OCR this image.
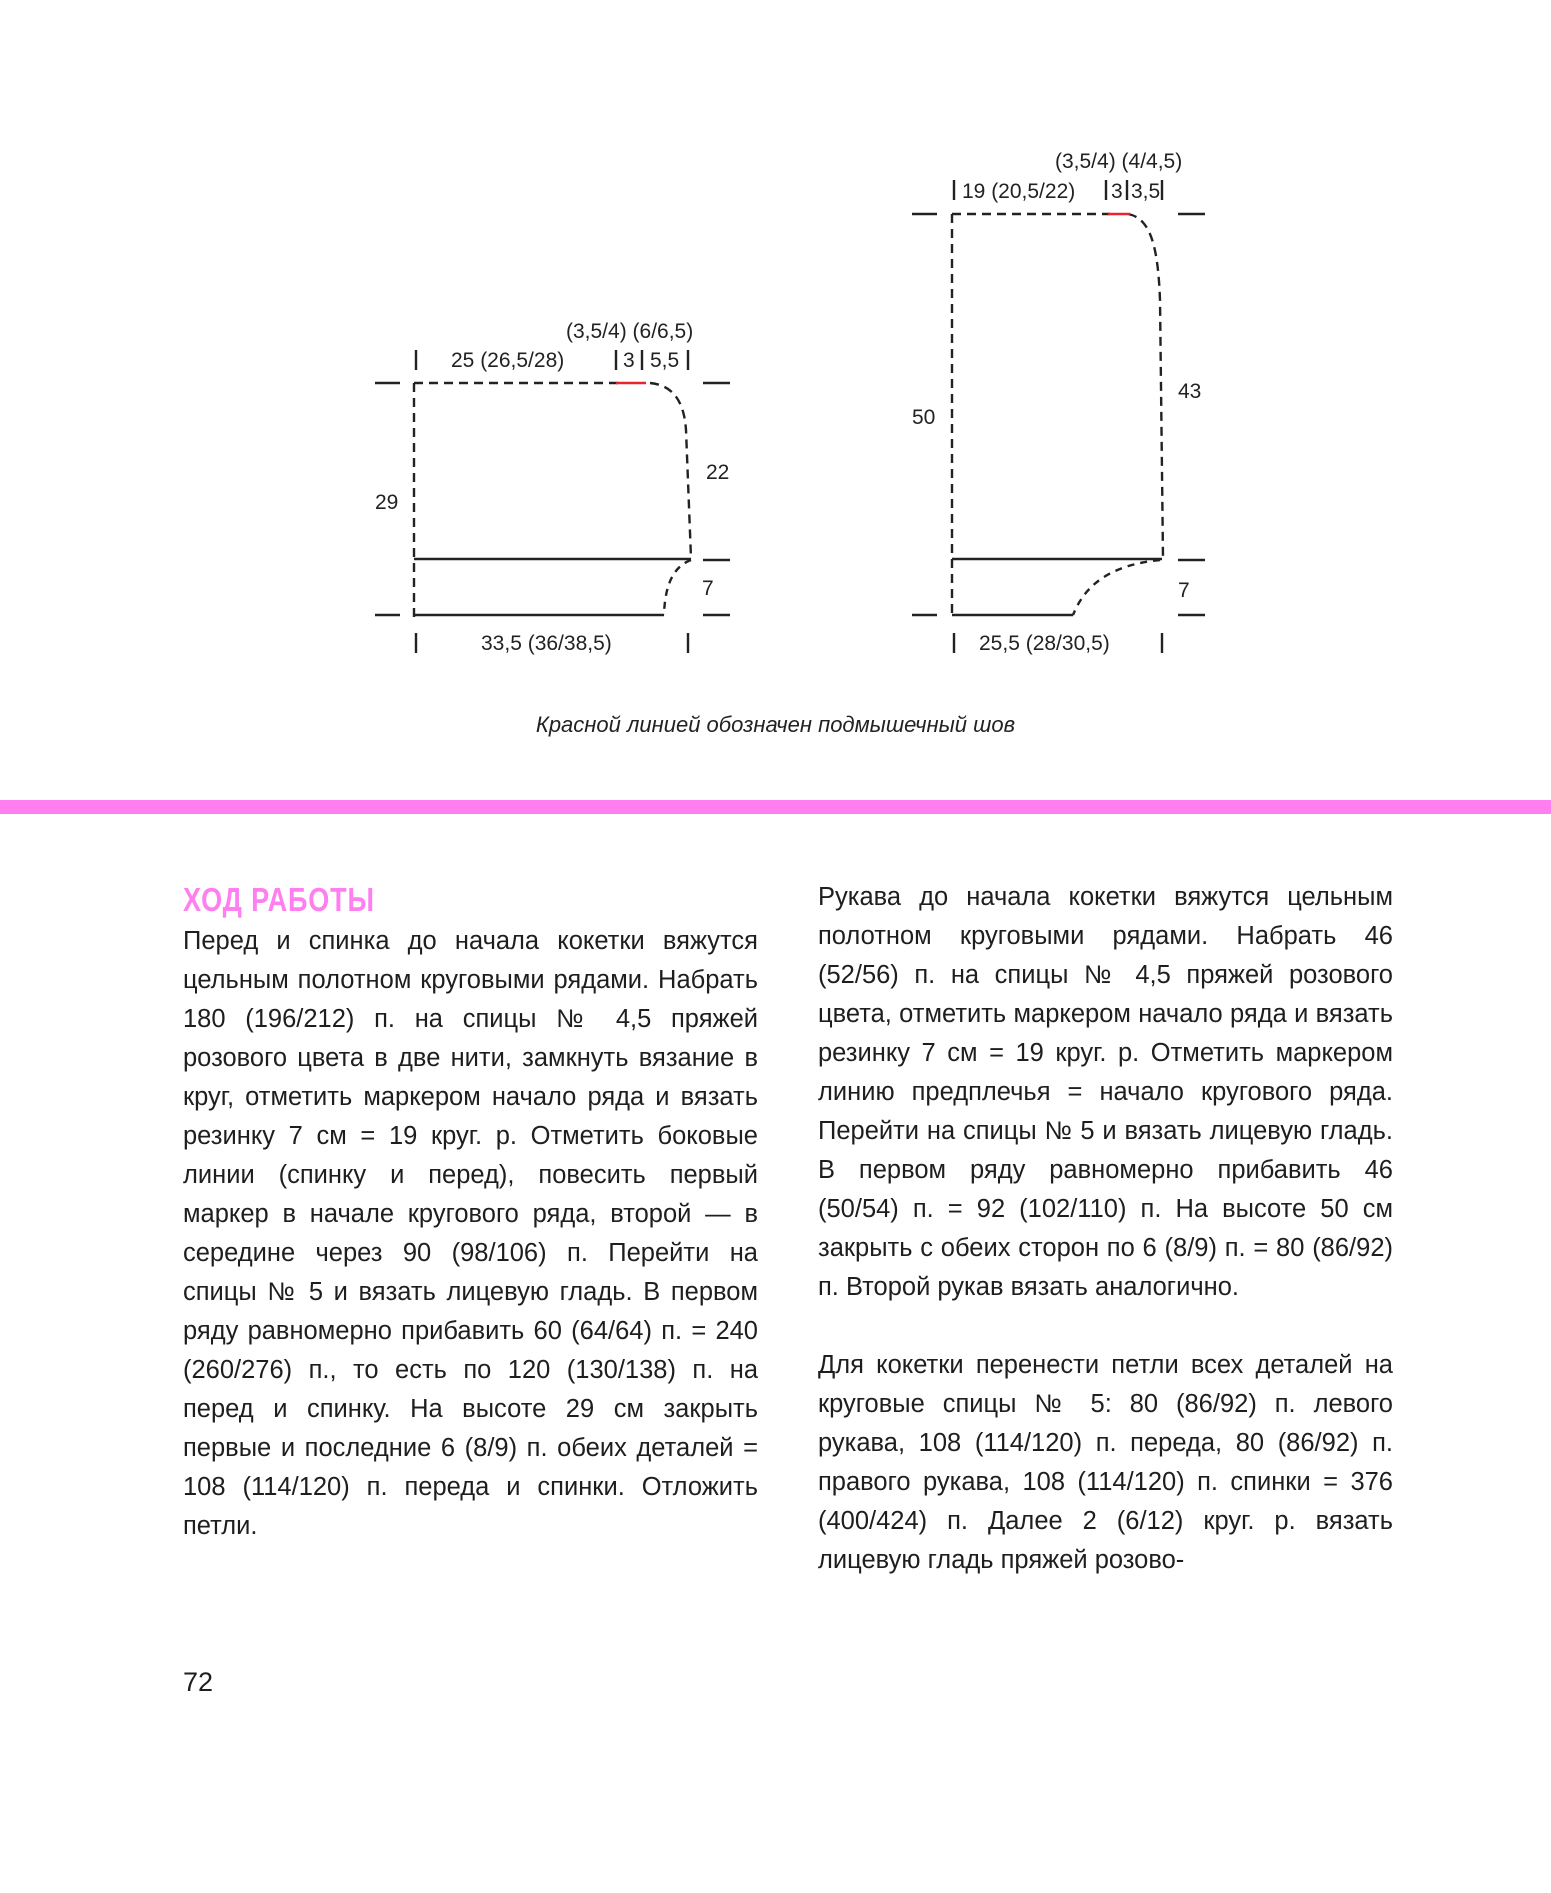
(3,5/4) (6/6,5)
25 (26,5/28)	3 5,5
29
22
7
33,5 (36/38,5)
(3,5/4) (4/4,5)
19 (20,5/22) 3 3,5
50
43
7
25,5 (28/30,5)
Красной линией обозначен подмышечный шов
ХОД РАБОТЫ

Перед и спинка до начала кокетки вяжутся цельным полотном круговыми рядами. Набрать 180 (196/212) п. на спицы № 4,5 пряжей розового цвета в две нити, замкнуть вязание в круг, отметить маркером начало ряда и вязать резинку 7 см = 19 круг. р. Отметить боковые линии (спинку и перед), повесить первый маркер в начале кругового ряда, второй — в середине через 90 (98/106) п. Перейти на спицы № 5 и вязать лицевую гладь. В первом ряду равномерно прибавить 60 (64/64) п. = 240 (260/276) п., то есть по 120 (130/138) п. на перед и спинку. На высоте 29 см закрыть первые и последние 6 (8/9) п. обеих деталей = 108 (114/120) п. переда и спинки. Отложить петли.

Рукава до начала кокетки вяжутся цельным полотном круговыми рядами. Набрать 46 (52/56) п. на спицы № 4,5 пряжей розового цвета, отметить маркером начало ряда и вязать резинку 7 см = 19 круг. р. Отметить маркером линию предплечья = начало кругового ряда. Перейти на спицы № 5 и вязать лицевую гладь. В первом ряду равномерно прибавить 46 (50/54) п. = 92 (102/110) п. На высоте 50 см закрыть с обеих сторон по 6 (8/9) п. = 80 (86/92) п. Второй рукав вязать аналогично.

Для кокетки перенести петли всех деталей на круговые спицы № 5: 80 (86/92) п. левого рукава, 108 (114/120) п. переда, 80 (86/92) п. правого рукава, 108 (114/120) п. спинки = 376 (400/424) п. Далее 2 (6/12) круг. р. вязать лицевую гладь пряжей розово-

72
